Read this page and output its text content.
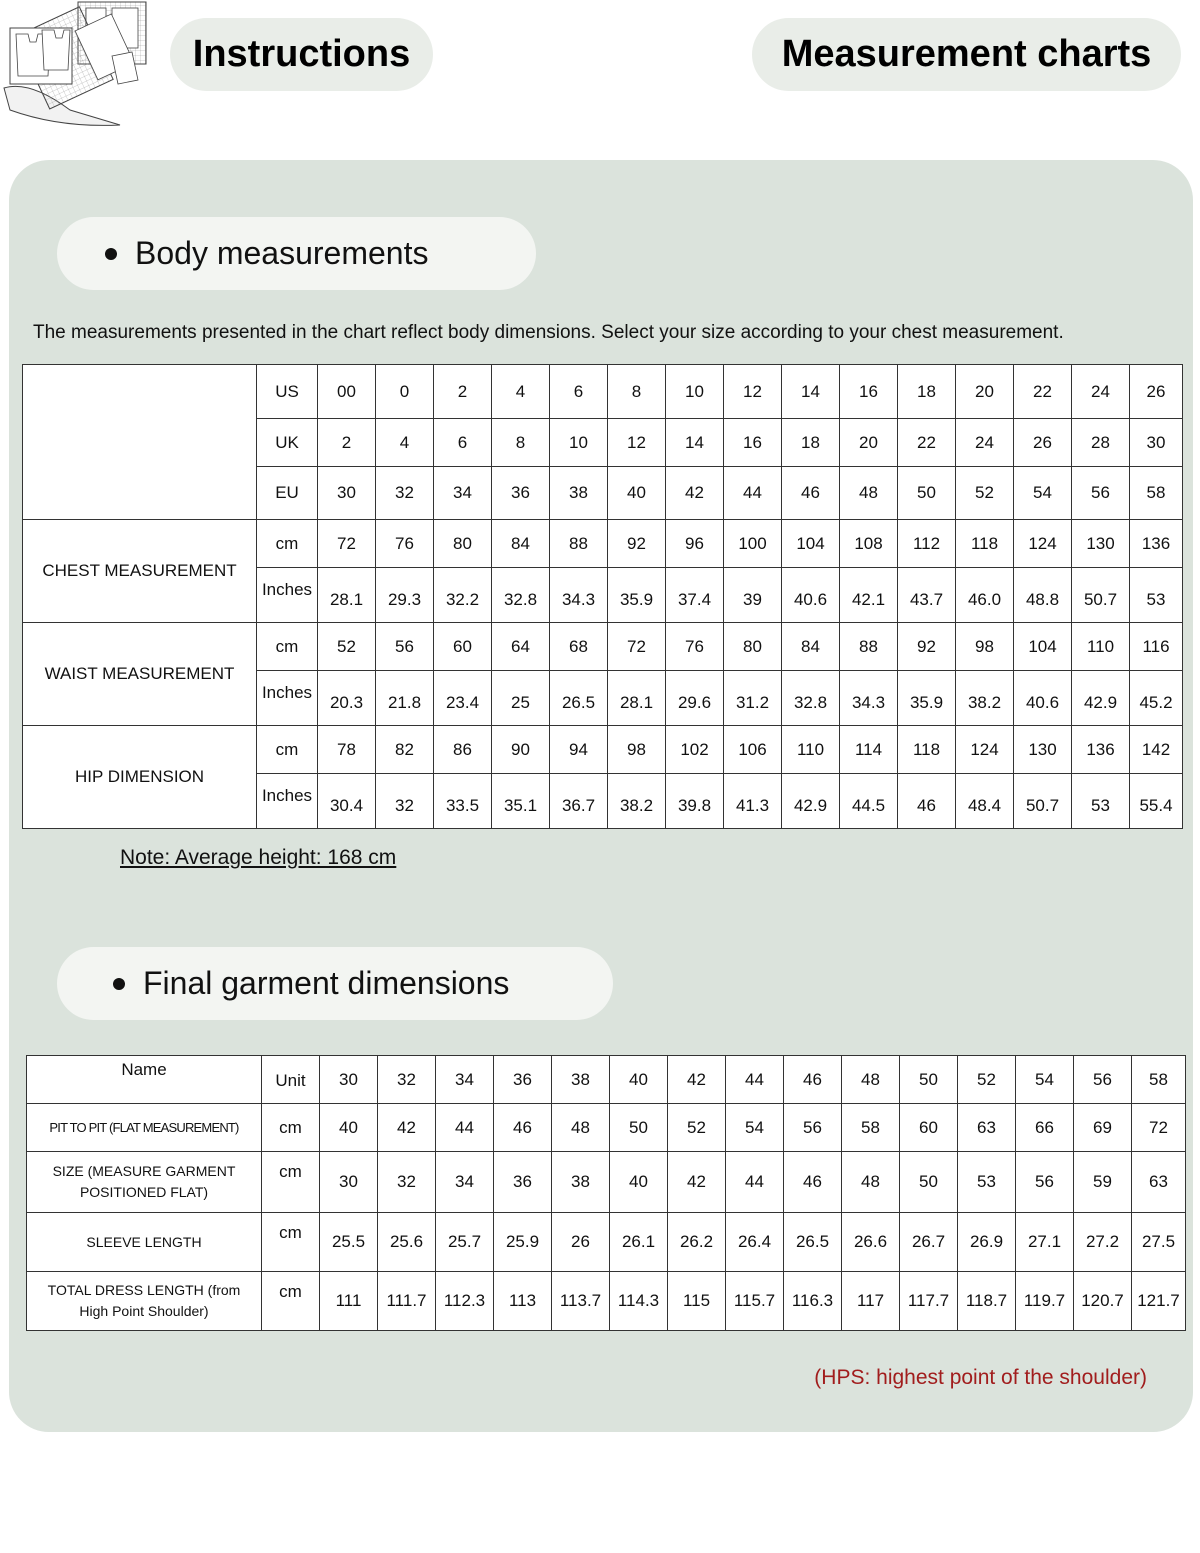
Instructions	Measurement charts
Body measurements
The measurements presented in the chart reflect body dimensions. Select your size according to your chest measurement.
	US	00	0	2	4	6	8	10	12	14	16	18	20	22	24	26
	UK	2	4	6	8	10	12	14	16	18	20	22	24	26	28	30
	EU	30	32	34	36	38	40	42	44	46	48	50	52	54	56	58
CHEST MEASUREMENT	cm	72	76	80	84	88	92	96	100	104	108	112	118	124	130	136
	Inches	28.1	29.3	32.2	32.8	34.3	35.9	37.4	39	40.6	42.1	43.7	46.0	48.8	50.7	53
WAIST MEASUREMENT	cm	52	56	60	64	68	72	76	80	84	88	92	98	104	110	116
	Inches	20.3	21.8	23.4	25	26.5	28.1	29.6	31.2	32.8	34.3	35.9	38.2	40.6	42.9	45.2
HIP DIMENSION	cm	78	82	86	90	94	98	102	106	110	114	118	124	130	136	142
	Inches	30.4	32	33.5	35.1	36.7	38.2	39.8	41.3	42.9	44.5	46	48.4	50.7	53	55.4
Note: Average height: 168 cm
Final garment dimensions
Name	Unit	30	32	34	36	38	40	42	44	46	48	50	52	54	56	58
PIT TO PIT (FLAT MEASUREMENT)	cm	40	42	44	46	48	50	52	54	56	58	60	63	66	69	72
SIZE (MEASURE GARMENT POSITIONED FLAT)	cm	30	32	34	36	38	40	42	44	46	48	50	53	56	59	63
SLEEVE LENGTH	cm	25.5	25.6	25.7	25.9	26	26.1	26.2	26.4	26.5	26.6	26.7	26.9	27.1	27.2	27.5
TOTAL DRESS LENGTH (from High Point Shoulder)	cm	111	111.7	112.3	113	113.7	114.3	115	115.7	116.3	117	117.7	118.7	119.7	120.7	121.7
(HPS: highest point of the shoulder)
